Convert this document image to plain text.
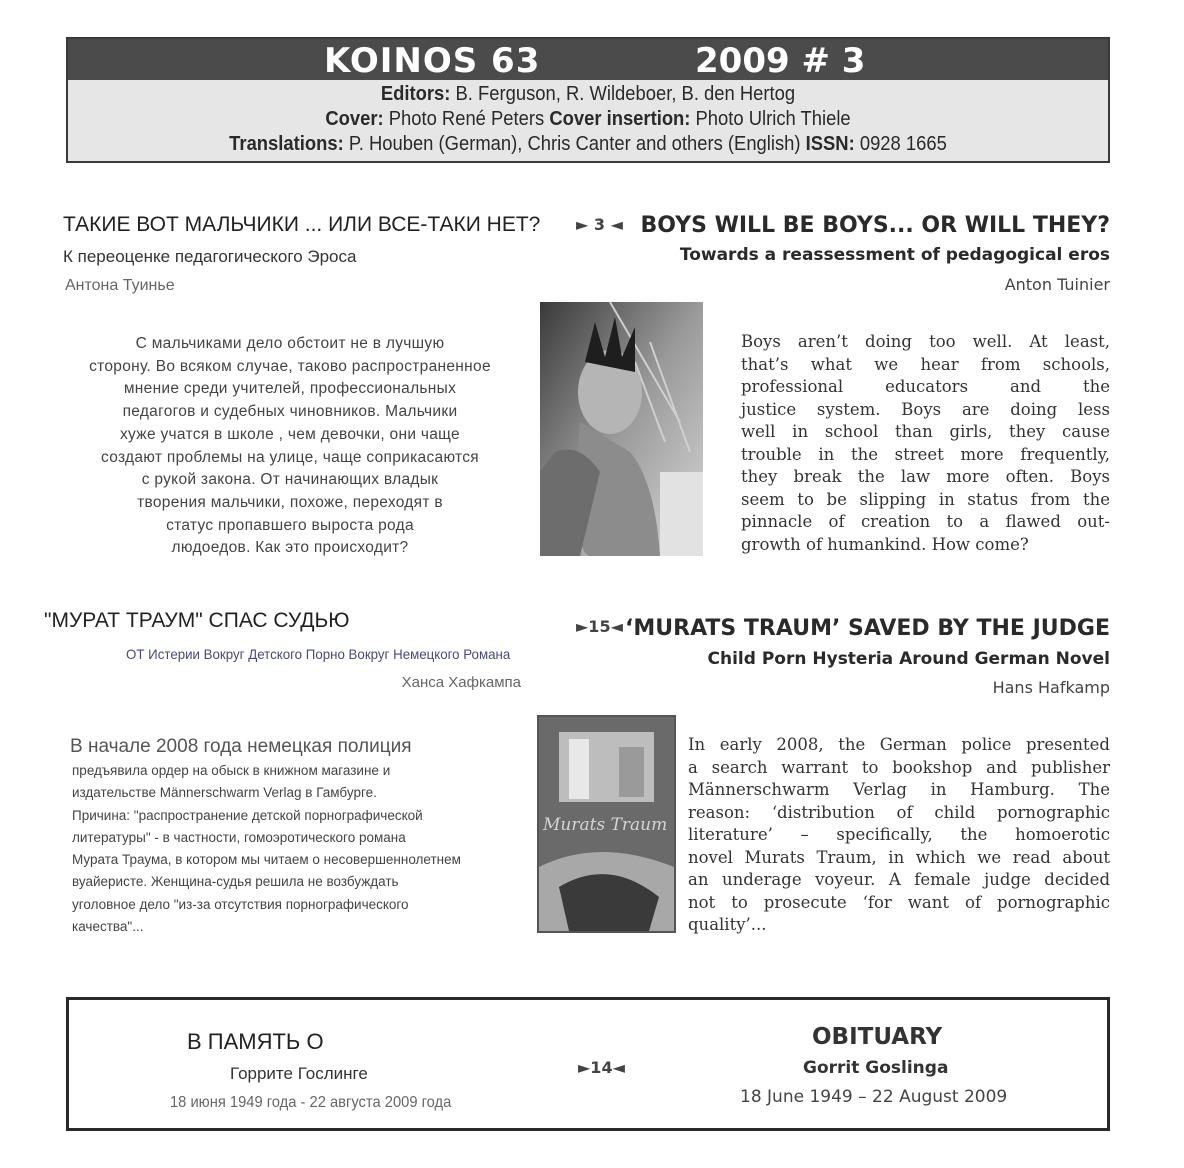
KOINOS 63	2009 # 3
Editors: B. Ferguson, R. Wildeboer, B. den Hertog
Cover: Photo René Peters Cover insertion: Photo Ulrich Thiele
Translations: P. Houben (German), Chris Canter and others (English) ISSN: 0928 1665
ТАКИЕ ВОТ МАЛЬЧИКИ ... ИЛИ ВСЕ-ТАКИ НЕТ? ► 3 ◄ BOYS WILL BE BOYS... OR WILL THEY?
К переоценке педагогического Эроса	Towards a reassessment of pedagogical eros
Антона Туинье	Anton Tuinier
С мальчиками дело обстоит не в лучшую
сторону. Во всяком случае, таково распространенное
мнение среди учителей, профессиональных
педагогов и судебных чиновников. Мальчики
хуже учатся в школе , чем девочки, они чаще
создают проблемы на улице, чаще соприкасаются
с рукой закона. От начинающих владык
творения мальчики, похоже, переходят в
статус пропавшего выроста рода
людоедов. Как это происходит?
Boys aren’t doing too well. At least,
that’s what we hear from schools,
professional educators and the
justice system. Boys are doing less
well in school than girls, they cause
trouble in the street more frequently,
they break the law more often. Boys
seem to be slipping in status from the
pinnacle of creation to a flawed out-
growth of humankind. How come?
"МУРАТ ТРАУМ" СПАС СУДЬЮ	►15◄ ‘MURATS TRAUM’ SAVED BY THE JUDGE
ОТ Истерии Вокруг Детского Порно Вокруг Немецкого Романа	Child Porn Hysteria Around German Novel
Ханса Хафкампа	Hans Hafkamp
В начале 2008 года немецкая полиция
предъявила ордер на обыск в книжном магазине и
издательстве Männerschwarm Verlag в Гамбурге.
Причина: "распространение детской порнографической
литературы" - в частности, гомоэротического романа
Мурата Траума, в котором мы читаем о несовершеннолетнем
вуайеристе. Женщина-судья решила не возбуждать
уголовное дело "из-за отсутствия порнографического
качества"...
Murats Traum
In early 2008, the German police presented
a search warrant to bookshop and publisher
Männerschwarm Verlag in Hamburg. The
reason: ‘distribution of child pornographic
literature’ – specifically, the homoerotic
novel Murats Traum, in which we read about
an underage voyeur. A female judge decided
not to prosecute ‘for want of pornographic
quality’...
В ПАМЯТЬ О
Горрите Гослинге
18 июня 1949 года - 22 августа 2009 года
►14◄
OBITUARY
Gorrit Goslinga
18 June 1949 – 22 August 2009
